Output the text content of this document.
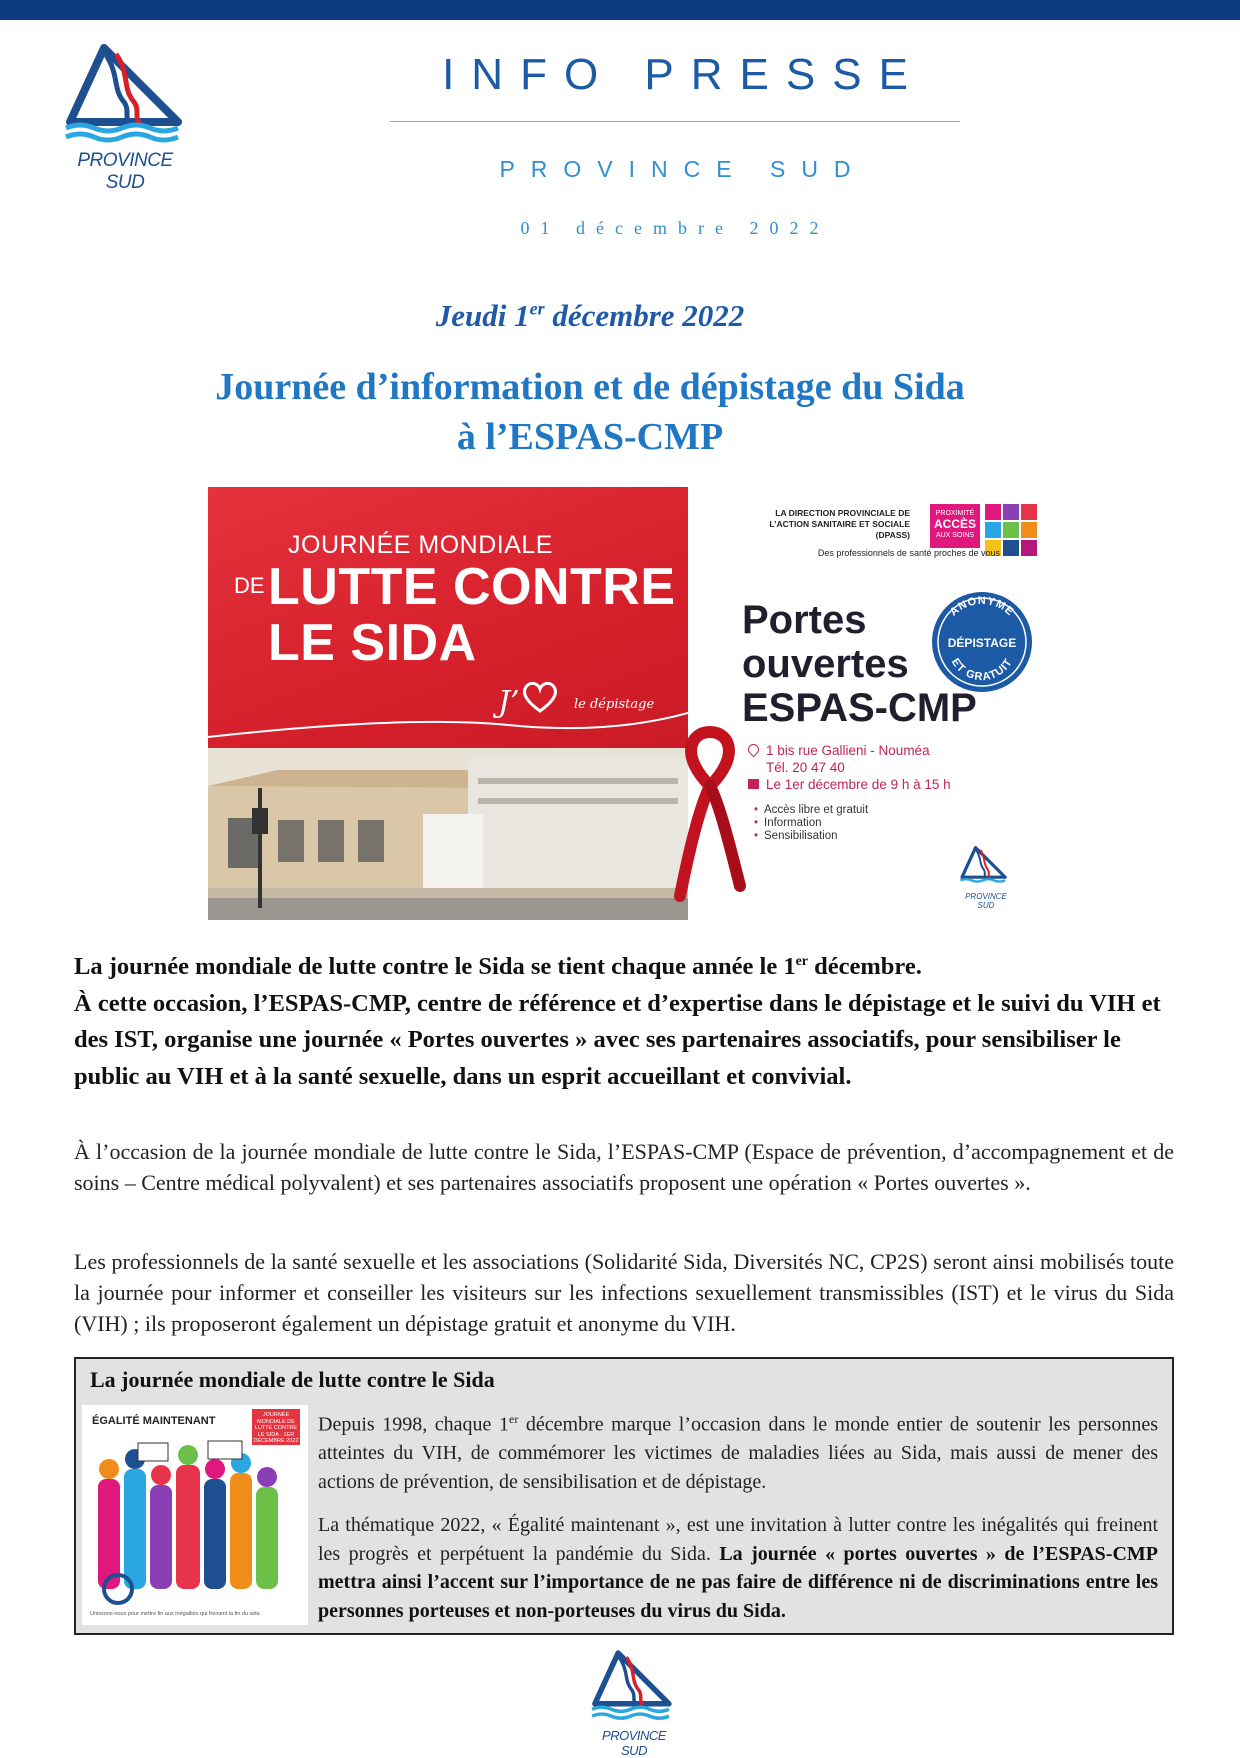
PROVINCE SUD
INFO PRESSE
PROVINCE SUD
01 décembre 2022
Jeudi 1er décembre 2022
Journée d’information et de dépistage du Sida
à l’ESPAS-CMP
JOURNÉE MONDIALE
DE LUTTE CONTRE
LE SIDA
J’	le dépistage
LA DIRECTION PROVINCIALE DE L’ACTION SANITAIRE ET SOCIALE (DPASS)
PROXIMITÉ
ACCÈS
AUX SOINS
Des professionnels de santé proches de vous
Portes
ouvertes
ESPAS-CMP
ANONYME
DÉPISTAGE
ET GRATUIT
1 bis rue Gallieni - Nouméa
Tél. 20 47 40
Le 1er décembre de 9 h à 15 h
• Accès libre et gratuit
• Information
• Sensibilisation
PROVINCE SUD
La journée mondiale de lutte contre le Sida se tient chaque année le 1er décembre.
À cette occasion, l’ESPAS-CMP, centre de référence et d’expertise dans le dépistage et le suivi du VIH et des IST, organise une journée « Portes ouvertes » avec ses partenaires associatifs, pour sensibiliser le public au VIH et à la santé sexuelle, dans un esprit accueillant et convivial.
À l’occasion de la journée mondiale de lutte contre le Sida, l’ESPAS-CMP (Espace de prévention, d’accompagnement et de soins – Centre médical polyvalent) et ses partenaires associatifs proposent une opération « Portes ouvertes ».
Les professionnels de la santé sexuelle et les associations (Solidarité Sida, Diversités NC, CP2S) seront ainsi mobilisés toute la journée pour informer et conseiller les visiteurs sur les infections sexuellement transmissibles (IST) et le virus du Sida (VIH) ; ils proposeront également un dépistage gratuit et anonyme du VIH.
La journée mondiale de lutte contre le Sida
ÉGALITÉ MAINTENANT	JOURNÉE MONDIALE DE LUTTE CONTRE LE SIDA · 1ER DÉCEMBRE 2022
Unissons-nous pour mettre fin aux inégalités qui freinent la fin du sida

Depuis 1998, chaque 1er décembre marque l’occasion dans le monde entier de soutenir les personnes atteintes du VIH, de commémorer les victimes de maladies liées au Sida, mais aussi de mener des actions de prévention, de sensibilisation et de dépistage.

La thématique 2022, « Égalité maintenant », est une invitation à lutter contre les inégalités qui freinent les progrès et perpétuent la pandémie du Sida. La journée « portes ouvertes » de l’ESPAS-CMP mettra ainsi l’accent sur l’importance de ne pas faire de différence ni de discriminations entre les personnes porteuses et non-porteuses du virus du Sida.

PROVINCE SUD
